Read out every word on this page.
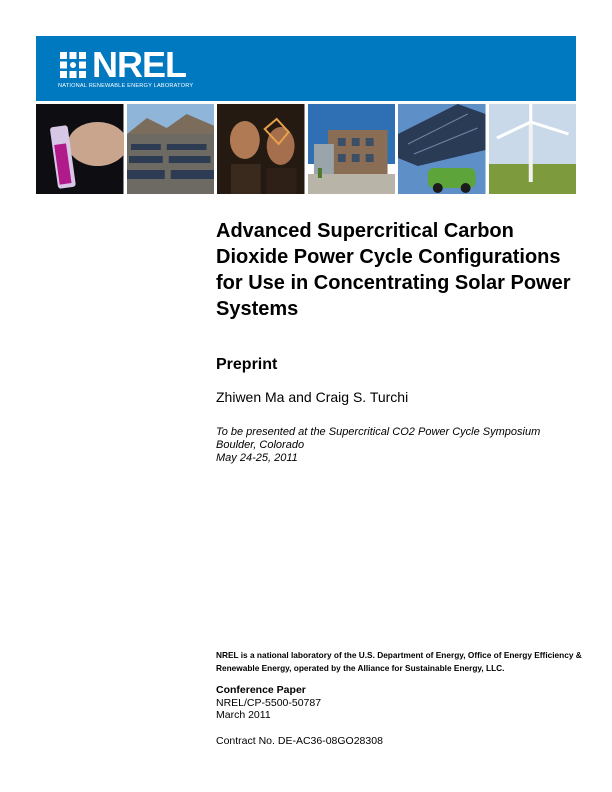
NREL
NATIONAL RENEWABLE ENERGY LABORATORY
Advanced Supercritical Carbon Dioxide Power Cycle Configurations for Use in Concentrating Solar Power Systems
Preprint

Zhiwen Ma and Craig S. Turchi

To be presented at the Supercritical CO2 Power Cycle Symposium
Boulder, Colorado
May 24-25, 2011
NREL is a national laboratory of the U.S. Department of Energy, Office of Energy Efficiency & Renewable Energy, operated by the Alliance for Sustainable Energy, LLC.
Conference Paper
NREL/CP-5500-50787
March 2011
Contract No. DE-AC36-08GO28308
